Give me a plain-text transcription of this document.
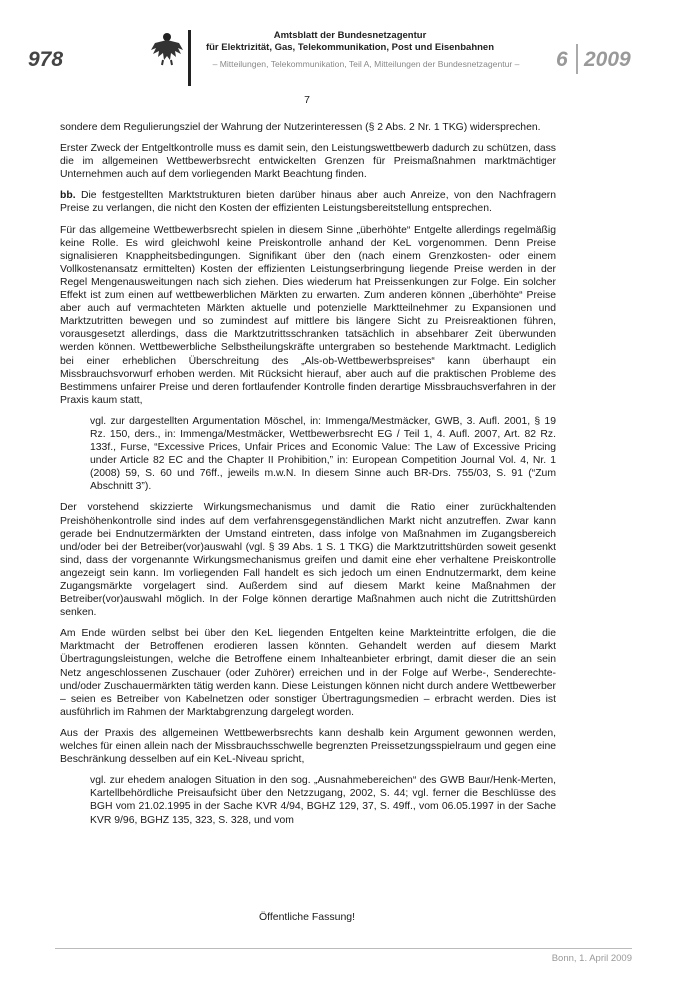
978
Amtsblatt der Bundesnetzagentur
für Elektrizität, Gas, Telekommunikation, Post und Eisenbahnen
– Mitteilungen, Telekommunikation, Teil A, Mitteilungen der Bundesnetzagentur –	6 2009
7

sondere dem Regulierungsziel der Wahrung der Nutzerinteressen (§ 2 Abs. 2 Nr. 1 TKG) widersprechen.

Erster Zweck der Entgeltkontrolle muss es damit sein, den Leistungswettbewerb dadurch zu schützen, dass die im allgemeinen Wettbewerbsrecht entwickelten Grenzen für Preismaßnahmen marktmächtiger Unternehmen auch auf dem vorliegenden Markt Beachtung finden.

bb. Die festgestellten Marktstrukturen bieten darüber hinaus aber auch Anreize, von den Nachfragern Preise zu verlangen, die nicht den Kosten der effizienten Leistungsbereitstellung entsprechen.

Für das allgemeine Wettbewerbsrecht spielen in diesem Sinne „überhöhte“ Entgelte allerdings regelmäßig keine Rolle. Es wird gleichwohl keine Preiskontrolle anhand der KeL vorgenommen. Denn Preise signalisieren Knappheitsbedingungen. Signifikant über den (nach einem Grenzkosten- oder einem Vollkostenansatz ermittelten) Kosten der effizienten Leistungserbringung liegende Preise werden in der Regel Mengenausweitungen nach sich ziehen. Dies wiederum hat Preissenkungen zur Folge. Ein solcher Effekt ist zum einen auf wettbewerblichen Märkten zu erwarten. Zum anderen können „überhöhte“ Preise aber auch auf vermachteten Märkten aktuelle und potenzielle Marktteilnehmer zu Expansionen und Marktzutritten bewegen und so zumindest auf mittlere bis längere Sicht zu Preisreaktionen führen, vorausgesetzt allerdings, dass die Marktzutrittsschranken tatsächlich in absehbarer Zeit überwunden werden können. Wettbewerbliche Selbstheilungskräfte untergraben so bestehende Marktmacht. Lediglich bei einer erheblichen Überschreitung des „Als-ob-Wettbewerbspreises“ kann überhaupt ein Missbrauchsvorwurf erhoben werden. Mit Rücksicht hierauf, aber auch auf die praktischen Probleme des Bestimmens unfairer Preise und deren fortlaufender Kontrolle finden derartige Missbrauchsverfahren in der Praxis kaum statt,

vgl. zur dargestellten Argumentation Möschel, in: Immenga/Mestmäcker, GWB, 3. Aufl. 2001, § 19 Rz. 150, ders., in: Immenga/Mestmäcker, Wettbewerbsrecht EG / Teil 1, 4. Aufl. 2007, Art. 82 Rz. 133f., Furse, “Excessive Prices, Unfair Prices and Economic Value: The Law of Excessive Pricing under Article 82 EC and the Chapter II Prohibition,” in: European Competition Journal Vol. 4, Nr. 1 (2008) 59, S. 60 und 76ff., jeweils m.w.N. In diesem Sinne auch BR-Drs. 755/03, S. 91 (“Zum Abschnitt 3”).

Der vorstehend skizzierte Wirkungsmechanismus und damit die Ratio einer zurückhaltenden Preishöhenkontrolle sind indes auf dem verfahrensgegenständlichen Markt nicht anzutreffen. Zwar kann gerade bei Endnutzermärkten der Umstand eintreten, dass infolge von Maßnahmen im Zugangsbereich und/oder bei der Betreiber(vor)auswahl (vgl. § 39 Abs. 1 S. 1 TKG) die Marktzutrittshürden soweit gesenkt sind, dass der vorgenannte Wirkungsmechanismus greifen und damit eine eher verhaltene Preiskontrolle angezeigt sein kann. Im vorliegenden Fall handelt es sich jedoch um einen Endnutzermarkt, dem keine Zugangsmärkte vorgelagert sind. Außerdem sind auf diesem Markt keine Maßnahmen der Betreiber(vor)auswahl möglich. In der Folge können derartige Maßnahmen auch nicht die Zutrittshürden senken.

Am Ende würden selbst bei über den KeL liegenden Entgelten keine Markteintritte erfolgen, die die Marktmacht der Betroffenen erodieren lassen könnten. Gehandelt werden auf diesem Markt Übertragungsleistungen, welche die Betroffene einem Inhalteanbieter erbringt, damit dieser die an sein Netz angeschlossenen Zuschauer (oder Zuhörer) erreichen und in der Folge auf Werbe-, Senderechte- und/oder Zuschauermärkten tätig werden kann. Diese Leistungen können nicht durch andere Wettbewerber – seien es Betreiber von Kabelnetzen oder sonstiger Übertragungsmedien – erbracht werden. Dies ist ausführlich im Rahmen der Marktabgrenzung dargelegt worden.

Aus der Praxis des allgemeinen Wettbewerbsrechts kann deshalb kein Argument gewonnen werden, welches für einen allein nach der Missbrauchsschwelle begrenzten Preissetzungsspielraum und gegen eine Beschränkung desselben auf ein KeL-Niveau spricht,

vgl. zur ehedem analogen Situation in den sog. „Ausnahmebereichen“ des GWB Baur/Henk-Merten, Kartellbehördliche Preisaufsicht über den Netzzugang, 2002, S. 44; vgl. ferner die Beschlüsse des BGH vom 21.02.1995 in der Sache KVR 4/94, BGHZ 129, 37, S. 49ff., vom 06.05.1997 in der Sache KVR 9/96, BGHZ 135, 323, S. 328, und vom

Öffentliche Fassung!
Bonn, 1. April 2009
